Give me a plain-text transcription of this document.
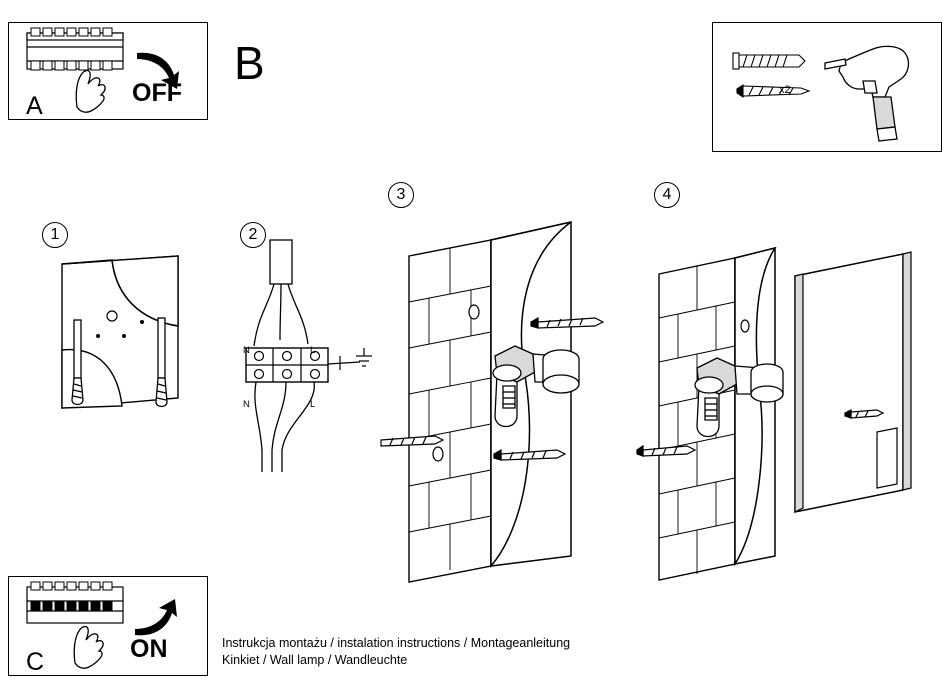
A	OFF
B
x2
1	2
N	L
N	L
3	4
C	ON	Instrukcja montażu / instalation instructions / Montageanleitung
Kinkiet / Wall lamp / Wandleuchte
